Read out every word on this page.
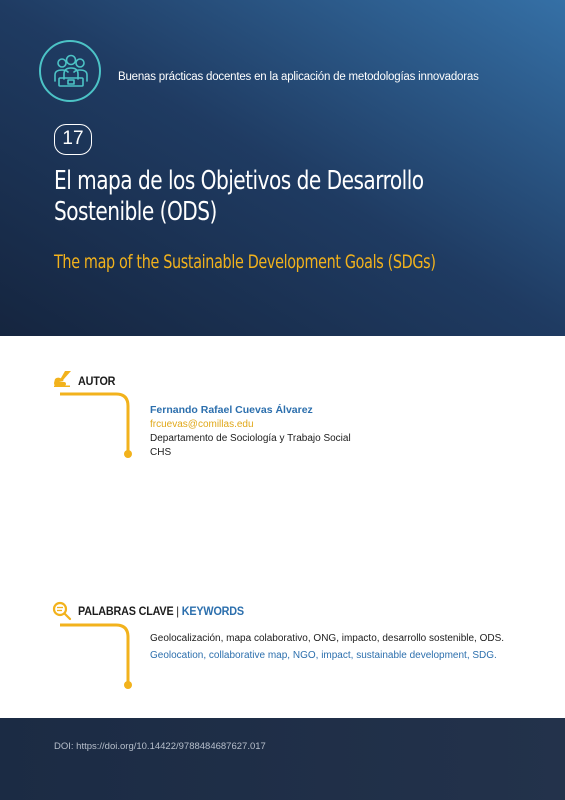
Buenas prácticas docentes en la aplicación de metodologías innovadoras
17
El mapa de los Objetivos de Desarrollo Sostenible (ODS)
The map of the Sustainable Development Goals (SDGs)
AUTOR
Fernando Rafael Cuevas Álvarez
frcuevas@comillas.edu
Departamento de Sociología y Trabajo Social
CHS
PALABRAS CLAVE | KEYWORDS
Geolocalización, mapa colaborativo, ONG, impacto, desarrollo sostenible, ODS.
Geolocation, collaborative map, NGO, impact, sustainable development, SDG.
DOI: https://doi.org/10.14422/9788484687627.017
